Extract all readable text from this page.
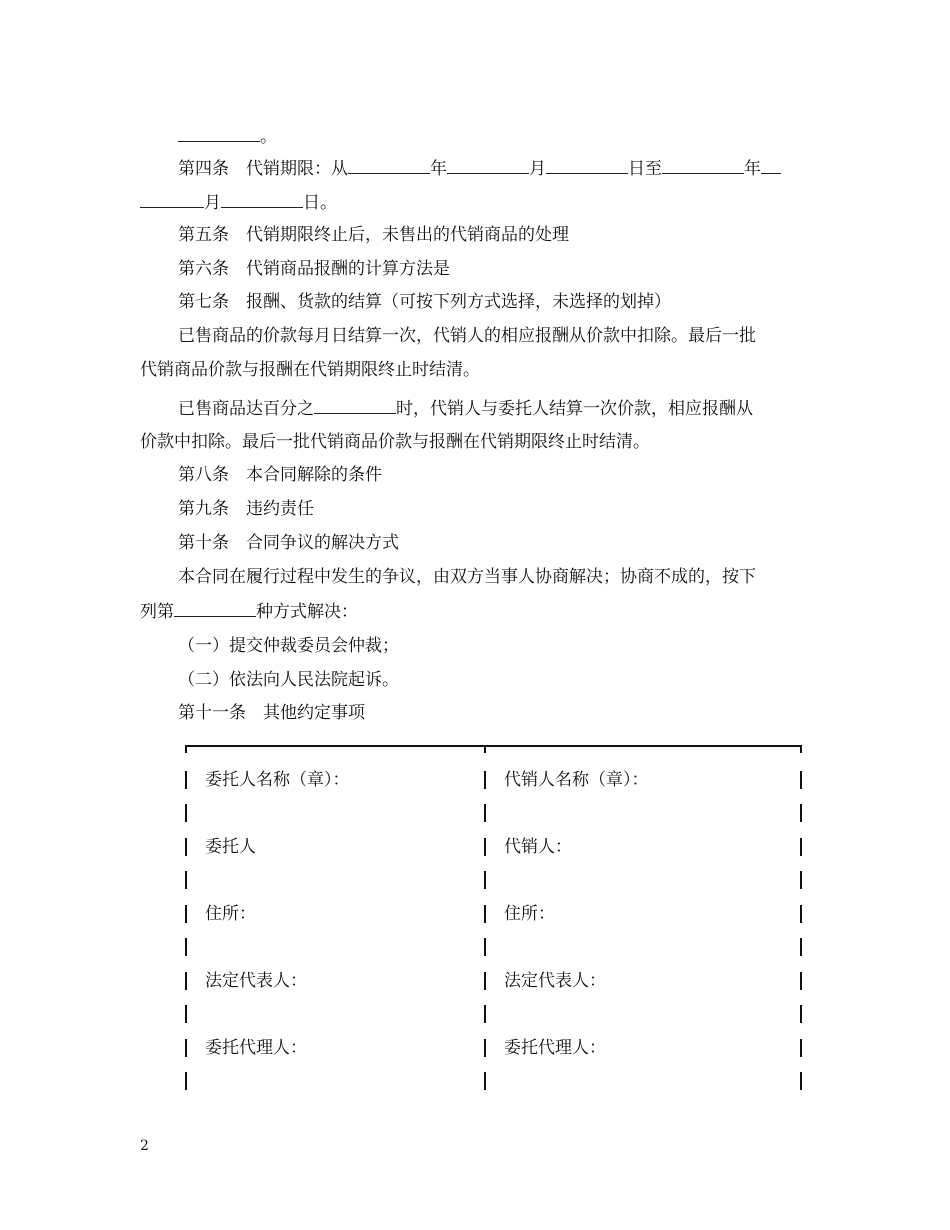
。
第四条　代销期限：从	年	月	日至	年
月	日。
第五条　代销期限终止后，未售出的代销商品的处理
第六条　代销商品报酬的计算方法是
第七条　报酬、货款的结算（可按下列方式选择，未选择的划掉）
已售商品的价款每月日结算一次，代销人的相应报酬从价款中扣除。最后一批
代销商品价款与报酬在代销期限终止时结清。
已售商品达百分之	时，代销人与委托人结算一次价款，相应报酬从
价款中扣除。最后一批代销商品价款与报酬在代销期限终止时结清。
第八条　本合同解除的条件
第九条　违约责任
第十条　合同争议的解决方式
本合同在履行过程中发生的争议，由双方当事人协商解决；协商不成的，按下
列第	种方式解决：
（一）提交仲裁委员会仲裁；
（二）依法向人民法院起诉。
第十一条　其他约定事项
委托人名称（章）：	代销人名称（章）：
委托人	代销人：
住所：	住所：
法定代表人：	法定代表人：
委托代理人：	委托代理人：
2
